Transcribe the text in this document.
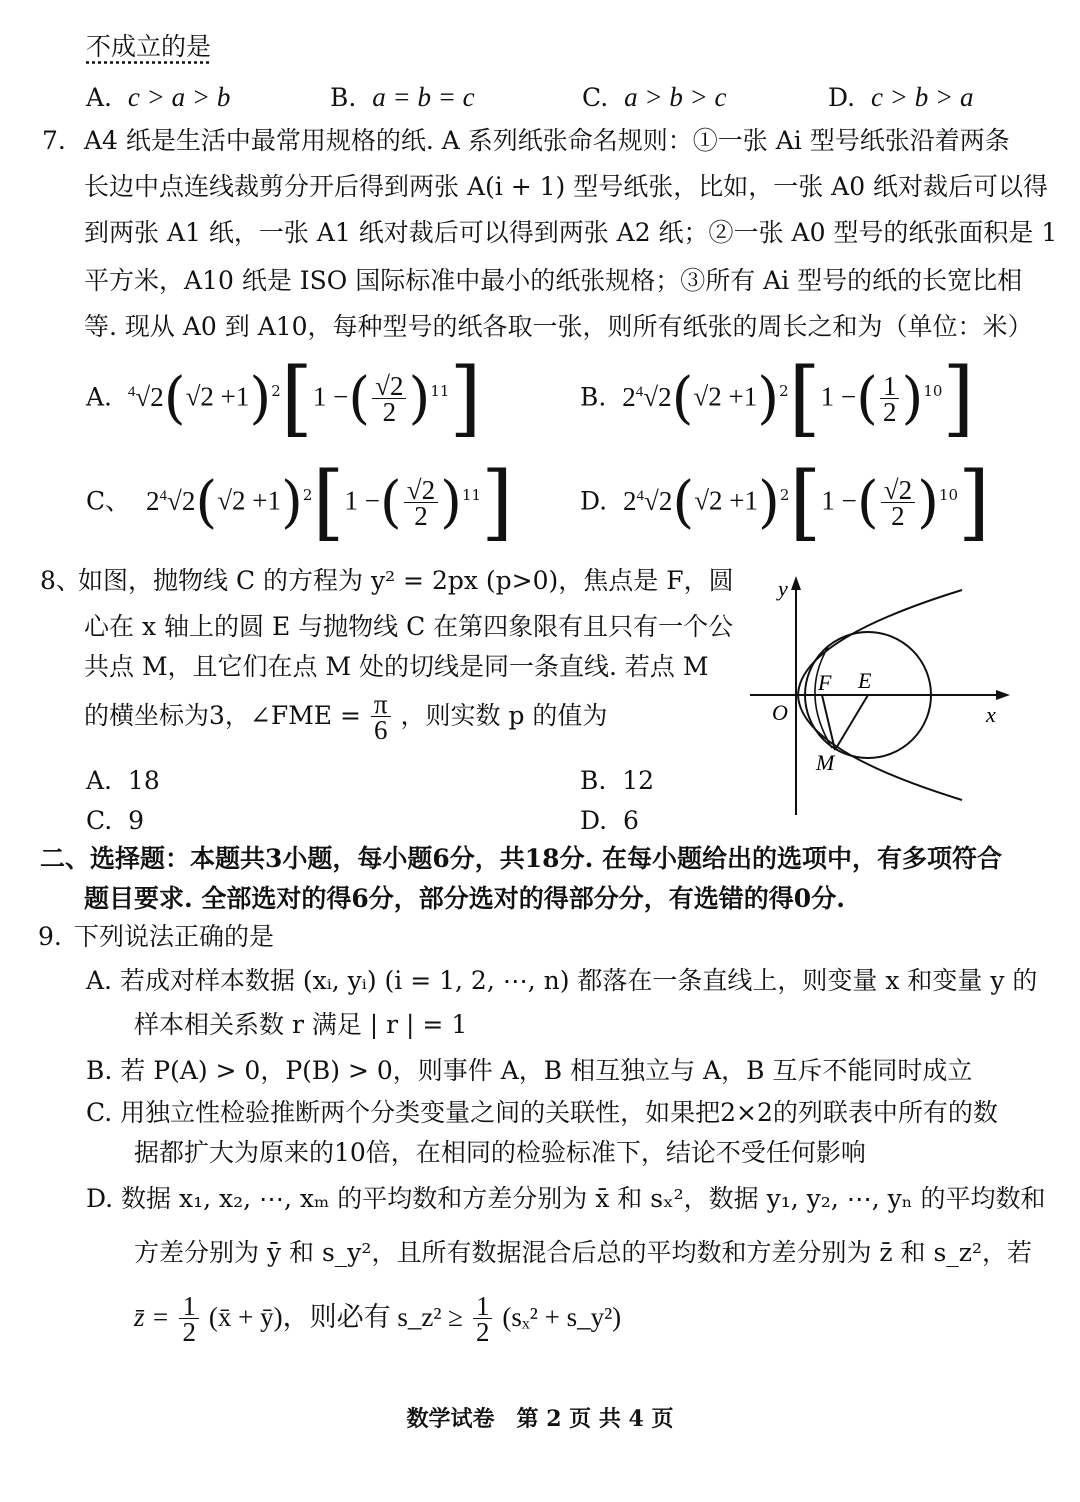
不成立的是
A. c > a > b	B. a = b = c	C. a > b > c	D. c > b > a
7. A4 纸是生活中最常用规格的纸. A 系列纸张命名规则：①一张 Ai 型号纸张沿着两条
长边中点连线裁剪分开后得到两张 A(i + 1) 型号纸张，比如，一张 A0 纸对裁后可以得
到两张 A1 纸，一张 A1 纸对裁后可以得到两张 A2 纸；②一张 A0 型号的纸张面积是 1
平方米，A10 纸是 ISO 国际标准中最小的纸张规格；③所有 Ai 型号的纸的长宽比相
等. 现从 A0 到 A10，每种型号的纸各取一张，则所有纸张的周长之和为（单位：米）
A. $^4√2(√2 +1)^2[1$ −( $\frac{√2}{2} )^{11}$]	B. $2^4√2(√2 +1)^2[1$ −( $\frac{1}{2} )^{10}$]
C、 $2^4√2(√2 +1)^2[1$ −( $\frac{√2}{2} )^{11}$]	D. $2^4√2(√2 +1)^2[1$ −( $\frac{√2}{2} )^{10}$]
8、
如图，抛物线 C 的方程为 y² = 2px (p>0)，焦点是 F，圆
心在 x 轴上的圆 E 与抛物线 C 在第四象限有且只有一个公
共点 M，且它们在点 M 处的切线是同一条直线. 若点 M
的横坐标为3，∠FME = $\frac{\pi}{6}$ ，则实数 p 的值为
A. 18	B. 12
C. 9	D. 6
y
x
O
F E
M
二、选择题：本题共3小题，每小题6分，共18分. 在每小题给出的选项中，有多项符合
题目要求. 全部选对的得6分，部分选对的得部分分，有选错的得0分.
9. 下列说法正确的是
A. 若成对样本数据 (xᵢ, yᵢ) (i = 1, 2, ⋯, n) 都落在一条直线上，则变量 x 和变量 y 的
样本相关系数 r 满足 | r | = 1
B. 若 P(A) > 0，P(B) > 0，则事件 A，B 相互独立与 A，B 互斥不能同时成立
C. 用独立性检验推断两个分类变量之间的关联性，如果把2×2的列联表中所有的数
据都扩大为原来的10倍，在相同的检验标准下，结论不受任何影响
D. 数据 x₁, x₂, ⋯, xₘ 的平均数和方差分别为 x̄ 和 sₓ²，数据 y₁, y₂, ⋯, yₙ 的平均数和
方差分别为 ȳ 和 s_y²，且所有数据混合后总的平均数和方差分别为 z̄ 和 s_z²，若
z̄ = $\frac{1}{2}$ (x̄ + ȳ)，则必有 s_z² ≥ $\frac{1}{2} (s_x^2$ + s_y²)
数学试卷　第 2 页 共 4 页
